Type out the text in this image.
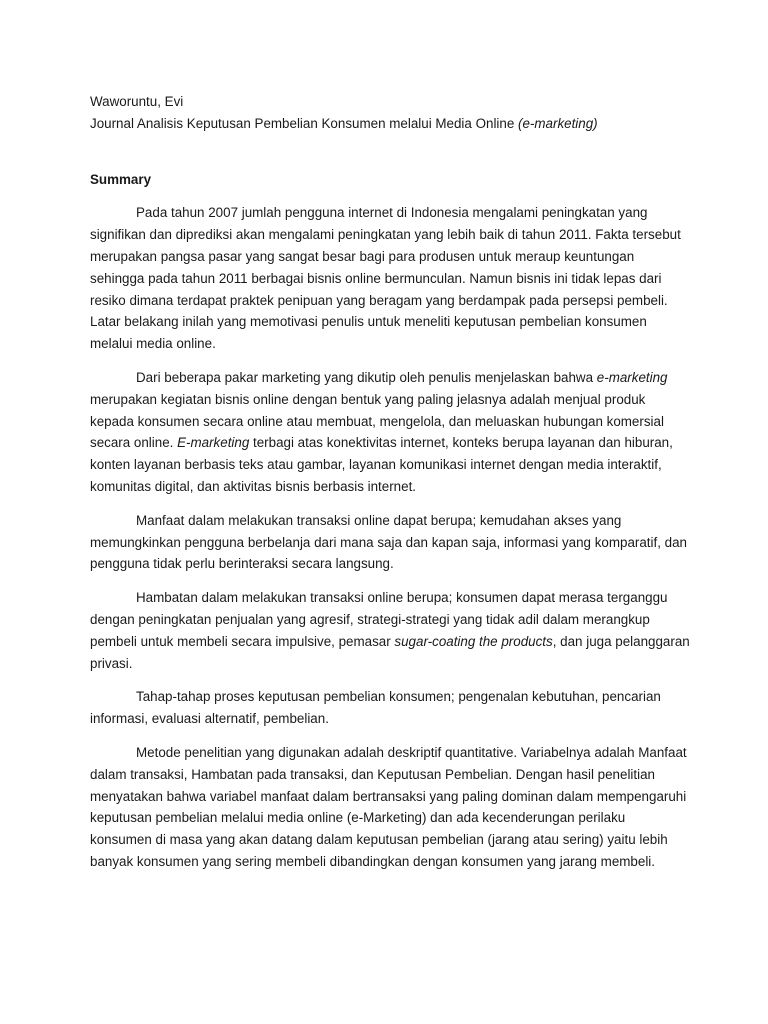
Waworuntu, Evi
Journal Analisis Keputusan Pembelian Konsumen melalui Media Online (e-marketing)
Summary

Pada tahun 2007 jumlah pengguna internet di Indonesia mengalami peningkatan yang signifikan dan diprediksi akan mengalami peningkatan yang lebih baik di tahun 2011. Fakta tersebut merupakan pangsa pasar yang sangat besar bagi para produsen untuk meraup keuntungan sehingga pada tahun 2011 berbagai bisnis online bermunculan. Namun bisnis ini tidak lepas dari resiko dimana terdapat praktek penipuan yang beragam yang berdampak pada persepsi pembeli. Latar belakang inilah yang memotivasi penulis untuk meneliti keputusan pembelian konsumen melalui media online.

Dari beberapa pakar marketing yang dikutip oleh penulis menjelaskan bahwa e-marketing merupakan kegiatan bisnis online dengan bentuk yang paling jelasnya adalah menjual produk kepada konsumen secara online atau membuat, mengelola, dan meluaskan hubungan komersial secara online. E-marketing terbagi atas konektivitas internet, konteks berupa layanan dan hiburan, konten layanan berbasis teks atau gambar, layanan komunikasi internet dengan media interaktif, komunitas digital, dan aktivitas bisnis berbasis internet.

Manfaat dalam melakukan transaksi online dapat berupa; kemudahan akses yang memungkinkan pengguna berbelanja dari mana saja dan kapan saja, informasi yang komparatif, dan pengguna tidak perlu berinteraksi secara langsung.

Hambatan dalam melakukan transaksi online berupa; konsumen dapat merasa terganggu dengan peningkatan penjualan yang agresif, strategi-strategi yang tidak adil dalam merangkup pembeli untuk membeli secara impulsive, pemasar sugar-coating the products, dan juga pelanggaran privasi.

Tahap-tahap proses keputusan pembelian konsumen; pengenalan kebutuhan, pencarian informasi, evaluasi alternatif, pembelian.

Metode penelitian yang digunakan adalah deskriptif quantitative. Variabelnya adalah Manfaat dalam transaksi, Hambatan pada transaksi, dan Keputusan Pembelian. Dengan hasil penelitian menyatakan bahwa variabel manfaat dalam bertransaksi yang paling dominan dalam mempengaruhi keputusan pembelian melalui media online (e-Marketing) dan ada kecenderungan perilaku konsumen di masa yang akan datang dalam keputusan pembelian (jarang atau sering) yaitu lebih banyak konsumen yang sering membeli dibandingkan dengan konsumen yang jarang membeli.
